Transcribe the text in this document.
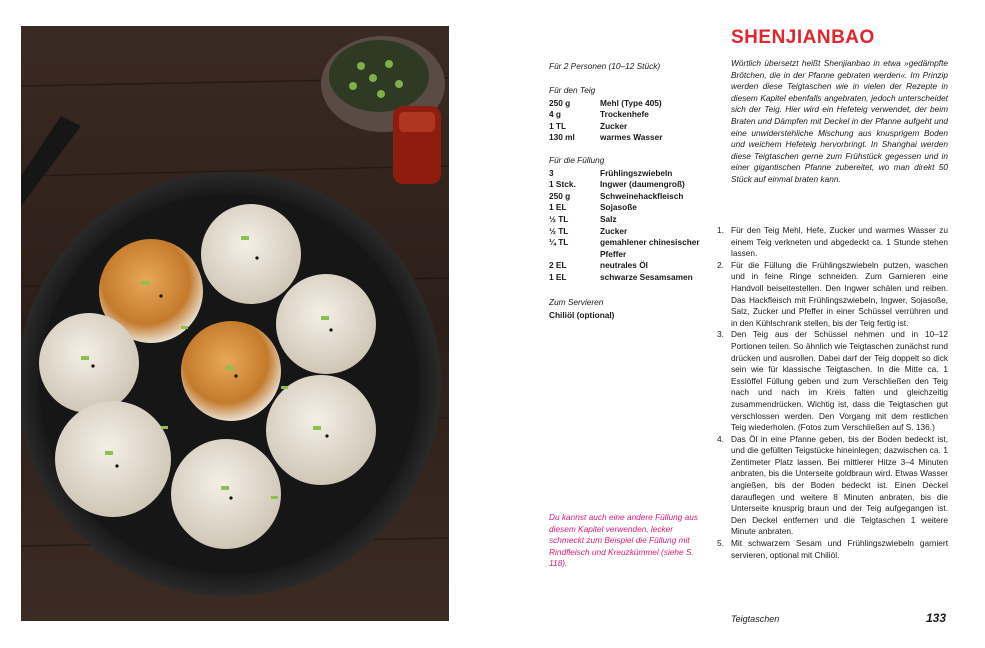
SHENJIANBAO
Wörtlich übersetzt heißt Shenjianbao in etwa »gedämpfte Brötchen, die in der Pfanne gebraten werden«. Im Prinzip werden diese Teigtaschen wie in vielen der Rezepte in diesem Kapitel ebenfalls angebraten, jedoch unterscheidet sich der Teig. Hier wird ein Hefeteig verwendet, der beim Braten und Dämpfen mit Deckel in der Pfanne aufgeht und eine unwiderstehliche Mischung aus knusprigem Boden und weichem Hefeteig hervorbringt. In Shanghai werden diese Teigtaschen gerne zum Frühstück gegessen und in einer gigantischen Pfanne zubereitet, wo man direkt 50 Stück auf einmal braten kann.
Für 2 Personen (10–12 Stück)
Für den Teig
250 g	Mehl (Type 405)
4 g	Trockenhefe
1 TL	Zucker
130 ml	warmes Wasser
Für die Füllung
3	Frühlingszwiebeln
1 Stck.	Ingwer (daumengroß)
250 g	Schweinehackfleisch
1 EL	Sojasoße
½ TL	Salz
½ TL	Zucker
¼ TL	gemahlener chinesischer Pfeffer
2 EL	neutrales Öl
1 EL	schwarze Sesamsamen
Zum Servieren
Chiliöl (optional)
Du kannst auch eine andere Füllung aus diesem Kapitel verwenden, lecker schmeckt zum Beispiel die Füllung mit Rindfleisch und Kreuzkümmel (siehe S. 118).
1. Für den Teig Mehl, Hefe, Zucker und warmes Wasser zu einem Teig verkneten und abgedeckt ca. 1 Stunde stehen lassen.
2. Für die Füllung die Frühlingszwiebeln putzen, waschen und in feine Ringe schneiden. Zum Garnieren eine Handvoll beiseitestellen. Den Ingwer schälen und reiben. Das Hackfleisch mit Frühlingszwiebeln, Ingwer, Sojasoße, Salz, Zucker und Pfeffer in einer Schüssel verrühren und in den Kühlschrank stellen, bis der Teig fertig ist.
3. Den Teig aus der Schüssel nehmen und in 10–12 Portionen teilen. So ähnlich wie Teigtaschen zunächst rund drücken und ausrollen. Dabei darf der Teig doppelt so dick sein wie für klassische Teigtaschen. In die Mitte ca. 1 Esslöffel Füllung geben und zum Verschließen den Teig nach und nach im Kreis falten und gleichzeitig zusammendrücken. Wichtig ist, dass die Teigtaschen gut verschlossen werden. Den Vorgang mit dem restlichen Teig wiederholen. (Fotos zum Verschließen auf S. 136.)
4. Das Öl in eine Pfanne geben, bis der Boden bedeckt ist, und die gefüllten Teigstücke hineinlegen; dazwischen ca. 1 Zentimeter Platz lassen. Bei mittlerer Hitze 3–4 Minuten anbraten, bis die Unterseite goldbraun wird. Etwas Wasser angießen, bis der Boden bedeckt ist. Einen Deckel darauflegen und weitere 8 Minuten anbraten, bis die Unterseite knusprig braun und der Teig aufgegangen ist. Den Deckel entfernen und die Teigtaschen 1 weitere Minute anbraten.
5. Mit schwarzem Sesam und Frühlingszwiebeln garniert servieren, optional mit Chiliöl.
Teigtaschen	133
